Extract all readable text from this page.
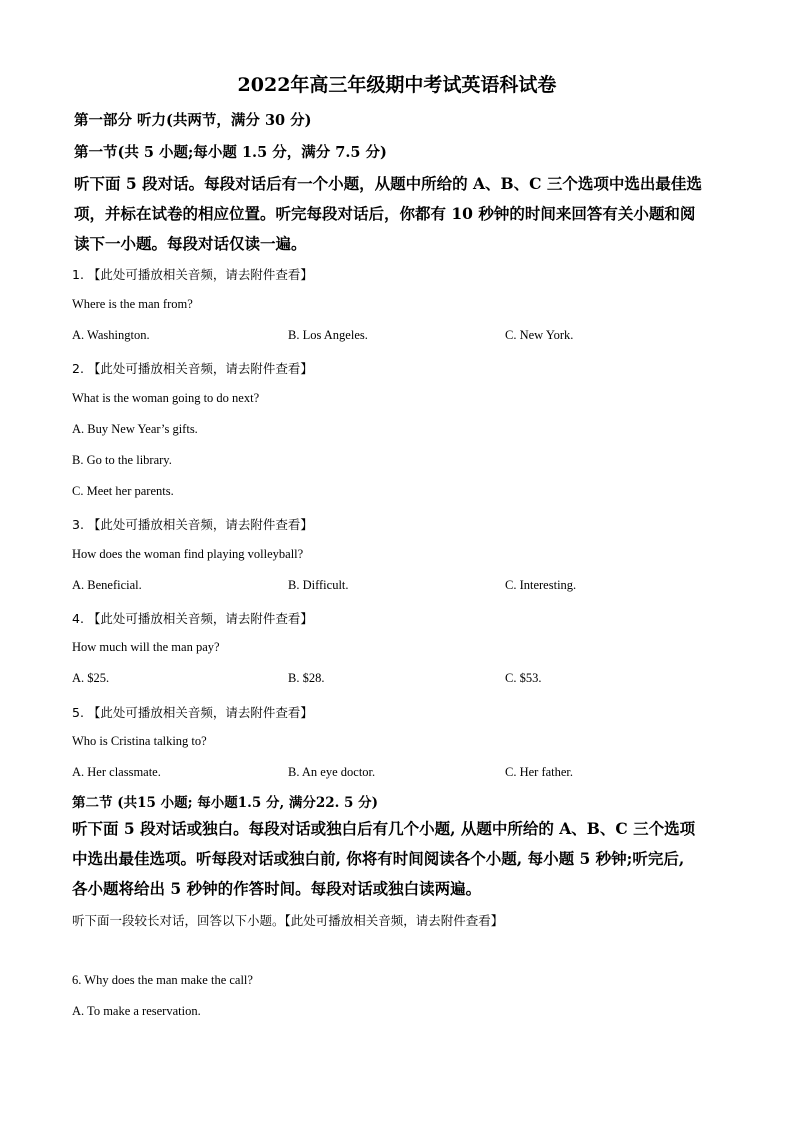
2022年高三年级期中考试英语科试卷
第一部分 听力(共两节，满分 30 分)
第一节(共 5 小题;每小题 1.5 分，满分 7.5 分)
听下面 5 段对话。每段对话后有一个小题，从题中所给的 A、B、C 三个选项中选出最佳选
项，并标在试卷的相应位置。听完每段对话后，你都有 10 秒钟的时间来回答有关小题和阅
读下一小题。每段对话仅读一遍。
1. 【此处可播放相关音频，请去附件查看】
Where is the man from?
A. Washington.	B. Los Angeles.	C. New York.
2. 【此处可播放相关音频，请去附件查看】
What is the woman going to do next?
A. Buy New Year’s gifts.
B. Go to the library.
C. Meet her parents.
3. 【此处可播放相关音频，请去附件查看】
How does the woman find playing volleyball?
A. Beneficial.	B. Difficult.	C. Interesting.
4. 【此处可播放相关音频，请去附件查看】
How much will the man pay?
A. $25.	B. $28.	C. $53.
5. 【此处可播放相关音频，请去附件查看】
Who is Cristina talking to?
A. Her classmate.	B. An eye doctor.	C. Her father.
第二节 (共15 小题; 每小题1.5 分, 满分22. 5 分)
听下面 5 段对话或独白。每段对话或独白后有几个小题, 从题中所给的 A、B、C 三个选项
中选出最佳选项。听每段对话或独白前, 你将有时间阅读各个小题, 每小题 5 秒钟;听完后,
各小题将给出 5 秒钟的作答时间。每段对话或独白读两遍。
听下面一段较长对话，回答以下小题。【此处可播放相关音频，请去附件查看】
6. Why does the man make the call?
A. To make a reservation.
